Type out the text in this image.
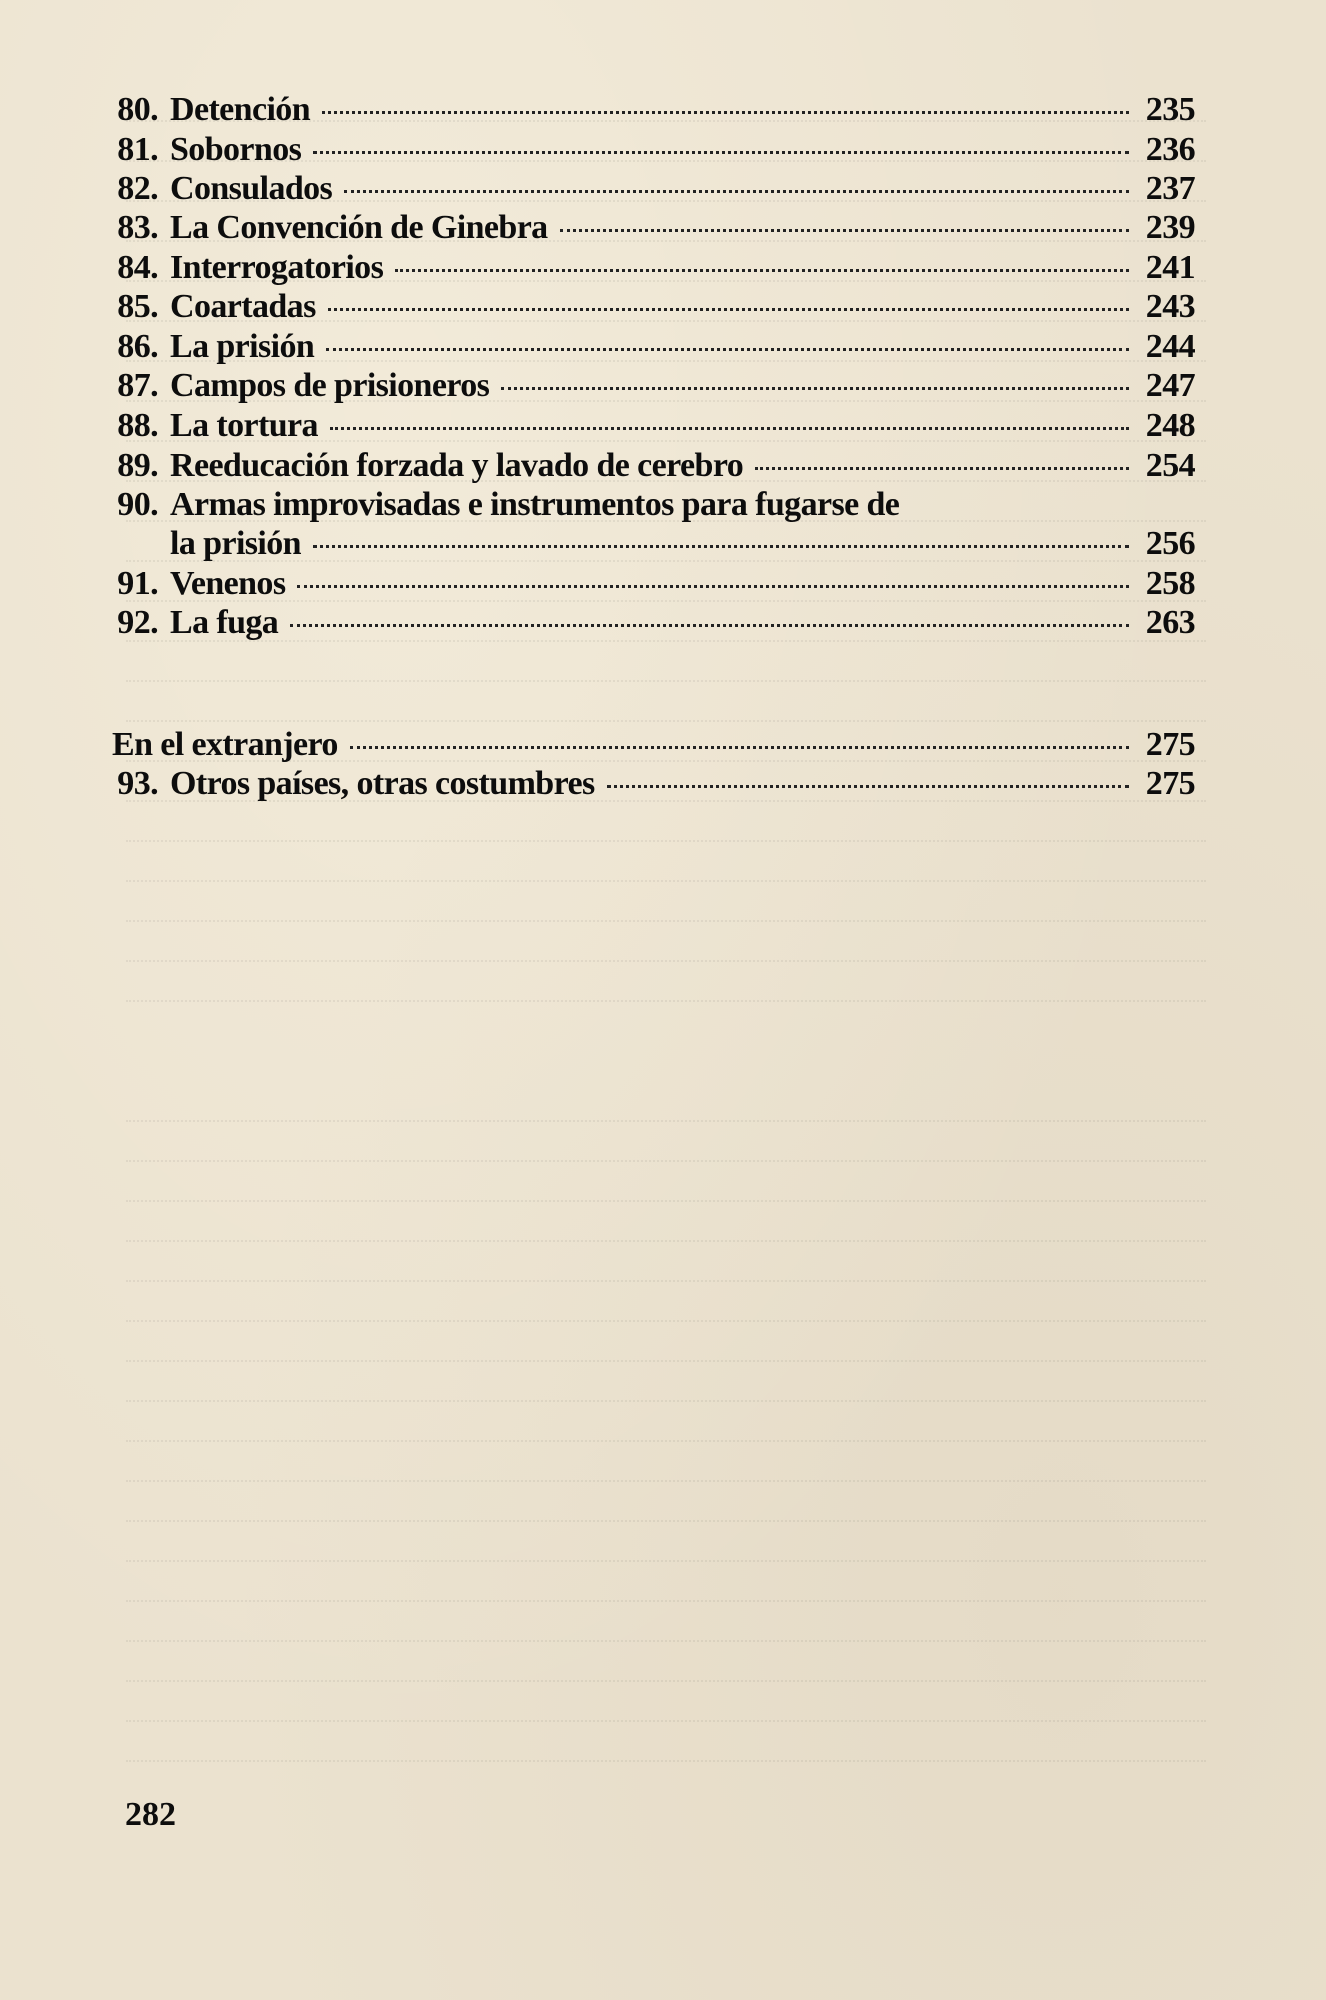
80. Detención	235
81. Sobornos	236
82. Consulados	237
83. La Convención de Ginebra	239
84. Interrogatorios	241
85. Coartadas	243
86. La prisión	244
87. Campos de prisioneros	247
88. La tortura	248
89. Reeducación forzada y lavado de cerebro	254
90. Armas improvisadas e instrumentos para fugarse de
la prisión	256
91. Venenos	258
92. La fuga	263
En el extranjero	275
93. Otros países, otras costumbres	275
282
